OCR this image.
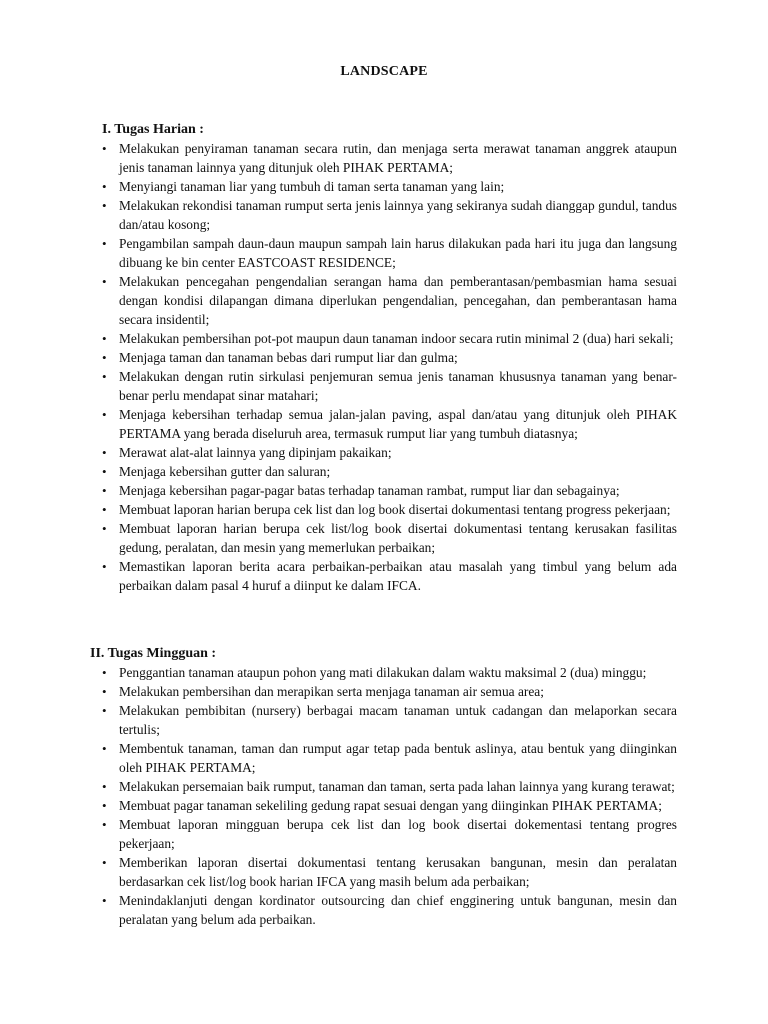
LANDSCAPE
I. Tugas Harian :
• Melakukan penyiraman tanaman secara rutin, dan menjaga serta merawat tanaman anggrek ataupun jenis tanaman lainnya yang ditunjuk oleh PIHAK PERTAMA;
• Menyiangi tanaman liar yang tumbuh di taman serta tanaman yang lain;
• Melakukan rekondisi tanaman rumput serta jenis lainnya yang sekiranya sudah dianggap gundul, tandus dan/atau kosong;
• Pengambilan sampah daun-daun maupun sampah lain harus dilakukan pada hari itu juga dan langsung dibuang ke bin center EASTCOAST RESIDENCE;
• Melakukan pencegahan pengendalian serangan hama dan pemberantasan/pembasmian hama sesuai dengan kondisi dilapangan dimana diperlukan pengendalian, pencegahan, dan pemberantasan hama secara insidentil;
• Melakukan pembersihan pot-pot maupun daun tanaman indoor secara rutin minimal 2 (dua) hari sekali;
• Menjaga taman dan tanaman bebas dari rumput liar dan gulma;
• Melakukan dengan rutin sirkulasi penjemuran semua jenis tanaman khususnya tanaman yang benar-benar perlu mendapat sinar matahari;
• Menjaga kebersihan terhadap semua jalan-jalan paving, aspal dan/atau yang ditunjuk oleh PIHAK PERTAMA yang berada diseluruh area, termasuk rumput liar yang tumbuh diatasnya;
• Merawat alat-alat lainnya yang dipinjam pakaikan;
• Menjaga kebersihan gutter dan saluran;
• Menjaga kebersihan pagar-pagar batas terhadap tanaman rambat, rumput liar dan sebagainya;
• Membuat laporan harian berupa cek list dan log book disertai dokumentasi tentang progress pekerjaan;
• Membuat laporan harian berupa cek list/log book disertai dokumentasi tentang kerusakan fasilitas gedung, peralatan, dan mesin yang memerlukan perbaikan;
• Memastikan laporan berita acara perbaikan-perbaikan atau masalah yang timbul yang belum ada perbaikan dalam pasal 4 huruf a diinput ke dalam IFCA.
II. Tugas Mingguan :
• Penggantian tanaman ataupun pohon yang mati dilakukan dalam waktu maksimal 2 (dua) minggu;
• Melakukan pembersihan dan merapikan serta menjaga tanaman air semua area;
• Melakukan pembibitan (nursery) berbagai macam tanaman untuk cadangan dan melaporkan secara tertulis;
• Membentuk tanaman, taman dan rumput agar tetap pada bentuk aslinya, atau bentuk yang diinginkan oleh PIHAK PERTAMA;
• Melakukan persemaian baik rumput, tanaman dan taman, serta pada lahan lainnya yang kurang terawat;
• Membuat pagar tanaman sekeliling gedung rapat sesuai dengan yang diinginkan PIHAK PERTAMA;
• Membuat laporan mingguan berupa cek list dan log book disertai dokementasi tentang progres pekerjaan;
• Memberikan laporan disertai dokumentasi tentang kerusakan bangunan, mesin dan peralatan berdasarkan cek list/log book harian IFCA yang masih belum ada perbaikan;
• Menindaklanjuti dengan kordinator outsourcing dan chief engginering untuk bangunan, mesin dan peralatan yang belum ada perbaikan.
